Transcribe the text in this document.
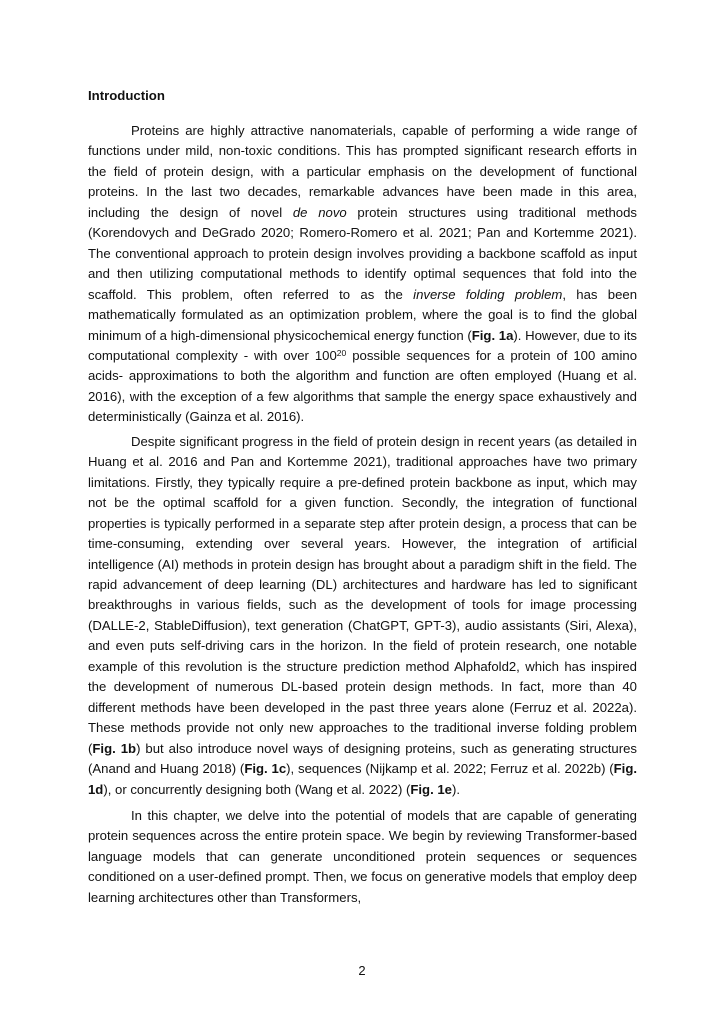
Introduction

Proteins are highly attractive nanomaterials, capable of performing a wide range of functions under mild, non-toxic conditions. This has prompted significant research efforts in the field of protein design, with a particular emphasis on the development of functional proteins. In the last two decades, remarkable advances have been made in this area, including the design of novel de novo protein structures using traditional methods (Korendovych and DeGrado 2020; Romero-Romero et al. 2021; Pan and Kortemme 2021). The conventional approach to protein design involves providing a backbone scaffold as input and then utilizing computational methods to identify optimal sequences that fold into the scaffold. This problem, often referred to as the inverse folding problem, has been mathematically formulated as an optimization problem, where the goal is to find the global minimum of a high-dimensional physicochemical energy function (Fig. 1a). However, due to its computational complexity - with over $100^{20}$ possible sequences for a protein of 100 amino acids- approximations to both the algorithm and function are often employed (Huang et al. 2016), with the exception of a few algorithms that sample the energy space exhaustively and deterministically (Gainza et al. 2016).

Despite significant progress in the field of protein design in recent years (as detailed in Huang et al. 2016 and Pan and Kortemme 2021), traditional approaches have two primary limitations. Firstly, they typically require a pre-defined protein backbone as input, which may not be the optimal scaffold for a given function. Secondly, the integration of functional properties is typically performed in a separate step after protein design, a process that can be time-consuming, extending over several years. However, the integration of artificial intelligence (AI) methods in protein design has brought about a paradigm shift in the field. The rapid advancement of deep learning (DL) architectures and hardware has led to significant breakthroughs in various fields, such as the development of tools for image processing (DALLE-2, StableDiffusion), text generation (ChatGPT, GPT-3), audio assistants (Siri, Alexa), and even puts self-driving cars in the horizon. In the field of protein research, one notable example of this revolution is the structure prediction method Alphafold2, which has inspired the development of numerous DL-based protein design methods. In fact, more than 40 different methods have been developed in the past three years alone (Ferruz et al. 2022a). These methods provide not only new approaches to the traditional inverse folding problem (Fig. 1b) but also introduce novel ways of designing proteins, such as generating structures (Anand and Huang 2018) (Fig. 1c), sequences (Nijkamp et al. 2022; Ferruz et al. 2022b) (Fig. 1d), or concurrently designing both (Wang et al. 2022) (Fig. 1e).

In this chapter, we delve into the potential of models that are capable of generating protein sequences across the entire protein space. We begin by reviewing Transformer-based language models that can generate unconditioned protein sequences or sequences conditioned on a user-defined prompt. Then, we focus on generative models that employ deep learning architectures other than Transformers,

2
